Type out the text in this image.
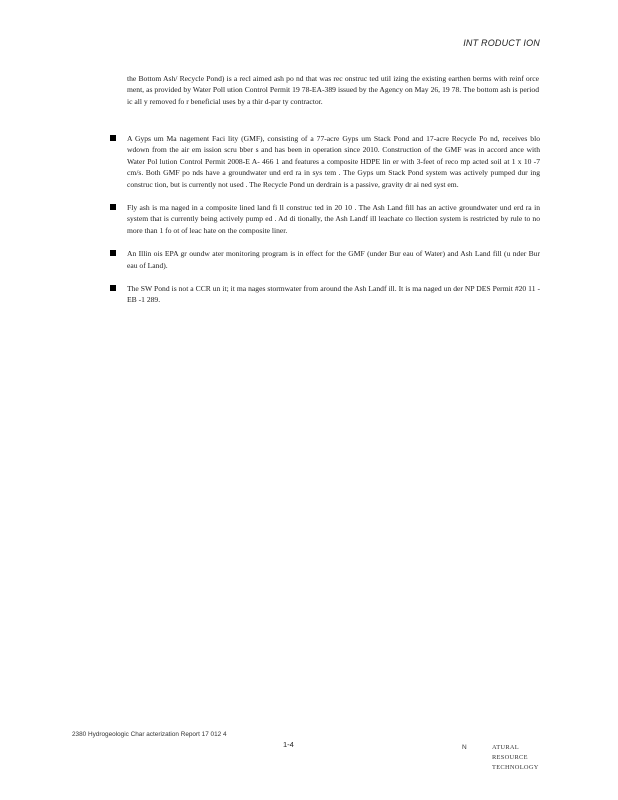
INT RODUCT ION
the Bottom Ash/ Recycle Pond) is a recl aimed ash po nd that was rec onstruc ted util izing the existing earthen berms with reinf orce ment, as provided by Water Poll ution Control Permit 19 78-EA-389 issued by the Agency on May 26, 19 78. The bottom ash is period ic all y removed fo r beneficial uses by a thir d-par ty contractor.
A Gyps um Ma nagement Faci lity (GMF), consisting of a 77-acre Gyps um Stack Pond and 17-acre Recycle Po nd, receives blo wdown from the air em ission scru bber s and has been in operation since 2010. Construction of the GMF was in accord ance with Water Pol lution Control Permit 2008-E A- 466 1 and features a composite HDPE lin er with 3-feet of reco mp acted soil at 1 x 10 -7 cm/s. Both GMF po nds have a groundwater und erd ra in sys tem . The Gyps um Stack Pond system was actively pumped dur ing construc tion, but is currently not used . The Recycle Pond un derdrain is a passive, gravity dr ai ned syst em.
Fly ash is ma naged in a composite lined land fi ll construc ted in 20 10 . The Ash Land fill has an active groundwater und erd ra in system that is currently being actively pump ed . Ad di tionally, the Ash Landf ill leachate co llection system is restricted by rule to no more than 1 fo ot of leac hate on the composite liner.
An Illin ois EPA gr oundw ater monitoring program is in effect for the GMF (under Bur eau of Water) and Ash Land fill (u nder Bur eau of Land).
The SW Pond is not a CCR un it; it ma nages stormwater from around the Ash Landf ill. It is ma naged un der NP DES Permit #20 11 -EB -1 289.
2380 Hydrogeologic Char acterization Report 17 012 4
1-4	N	ATURAL
RESOURCE
TECHNOLOGY
